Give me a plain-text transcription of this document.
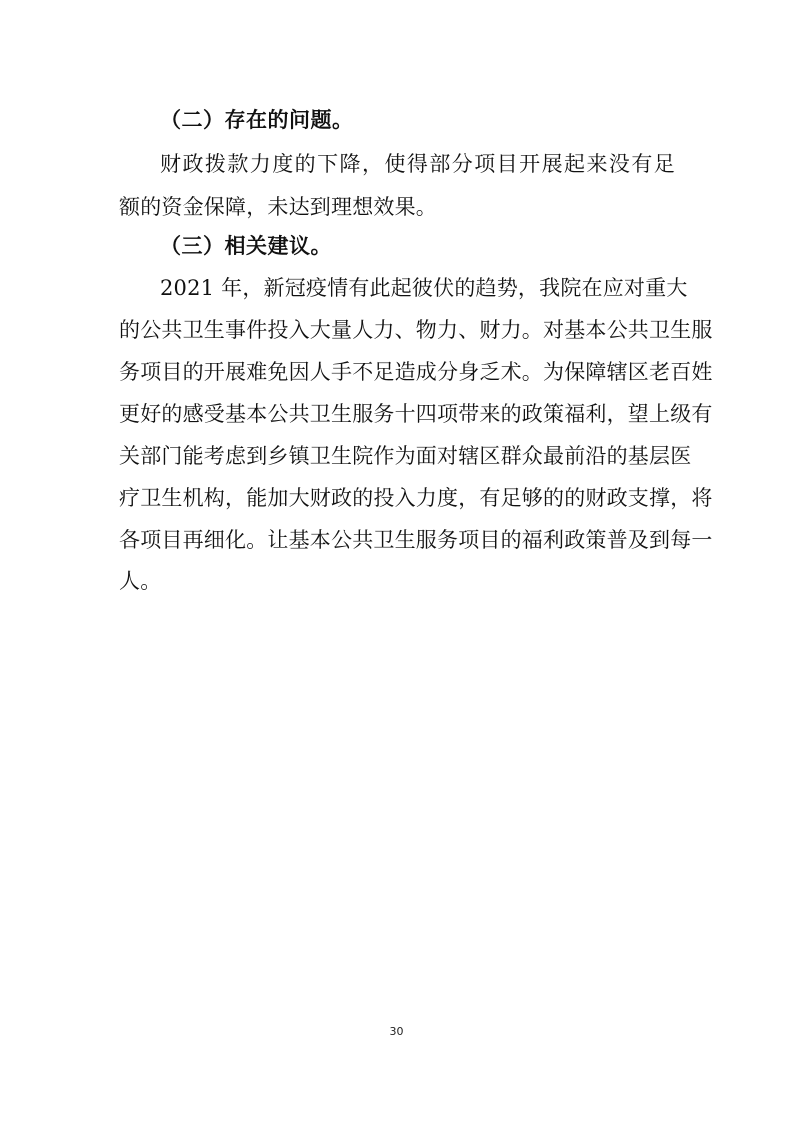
（二）存在的问题。
财政拨款力度的下降，使得部分项目开展起来没有足
额的资金保障，未达到理想效果。
（三）相关建议。
2021 年，新冠疫情有此起彼伏的趋势，我院在应对重大
的公共卫生事件投入大量人力、物力、财力。对基本公共卫生服
务项目的开展难免因人手不足造成分身乏术。为保障辖区老百姓
更好的感受基本公共卫生服务十四项带来的政策福利，望上级有
关部门能考虑到乡镇卫生院作为面对辖区群众最前沿的基层医
疗卫生机构，能加大财政的投入力度，有足够的的财政支撑，将
各项目再细化。让基本公共卫生服务项目的福利政策普及到每一
人。
30
